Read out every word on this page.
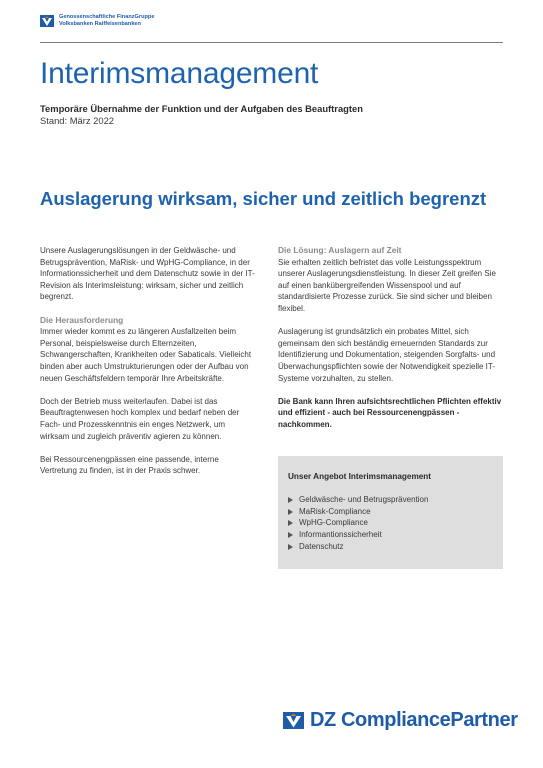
Genossenschaftliche FinanzGruppe
Volksbanken Raiffeisenbanken
Interimsmanagement
Temporäre Übernahme der Funktion und der Aufgaben des Beauftragten
Stand: März 2022
Auslagerung wirksam, sicher und zeitlich begrenzt

Unsere Auslagerungslösungen in der Geldwäsche- und Betrugsprävention, MaRisk- und WpHG-Compliance, in der Informationssicherheit und dem Datenschutz sowie in der IT-Revision als Interimsleistung: wirksam, sicher und zeitlich begrenzt.

Die Herausforderung
Immer wieder kommt es zu längeren Ausfallzeiten beim Personal, beispielsweise durch Elternzeiten, Schwangerschaften, Krankheiten oder Sabaticals. Vielleicht binden aber auch Umstrukturierungen oder der Aufbau von neuen Geschäftsfeldern temporär Ihre Arbeitskräfte.

Doch der Betrieb muss weiterlaufen. Dabei ist das Beauftragtenwesen hoch komplex und bedarf neben der Fach- und Prozesskenntnis ein enges Netzwerk, um wirksam und zugleich präventiv agieren zu können.

Bei Ressourcenengpässen eine passende, interne Vertretung zu finden, ist in der Praxis schwer.

Die Lösung: Auslagern auf Zeit
Sie erhalten zeitlich befristet das volle Leistungsspektrum unserer Auslagerungsdienstleistung. In dieser Zeit greifen Sie auf einen bankübergreifenden Wissenspool und auf standardisierte Prozesse zurück. Sie sind sicher und bleiben flexibel.

Auslagerung ist grundsätzlich ein probates Mittel, sich gemeinsam den sich beständig erneuernden Standards zur Identifizierung und Dokumentation, steigenden Sorgfalts- und Überwachungspflichten sowie der Notwendigkeit spezielle IT-Systeme vorzuhalten, zu stellen.

Die Bank kann Ihren aufsichtsrechtlichen Pflichten effektiv und effizient - auch bei Ressourcenengpässen - nachkommen.

Unser Angebot Interimsmanagement
Geldwäsche- und Betrugsprävention
MaRisk-Compliance
WpHG-Compliance
Informantionssicherheit
Datenschutz
DZ CompliancePartner
